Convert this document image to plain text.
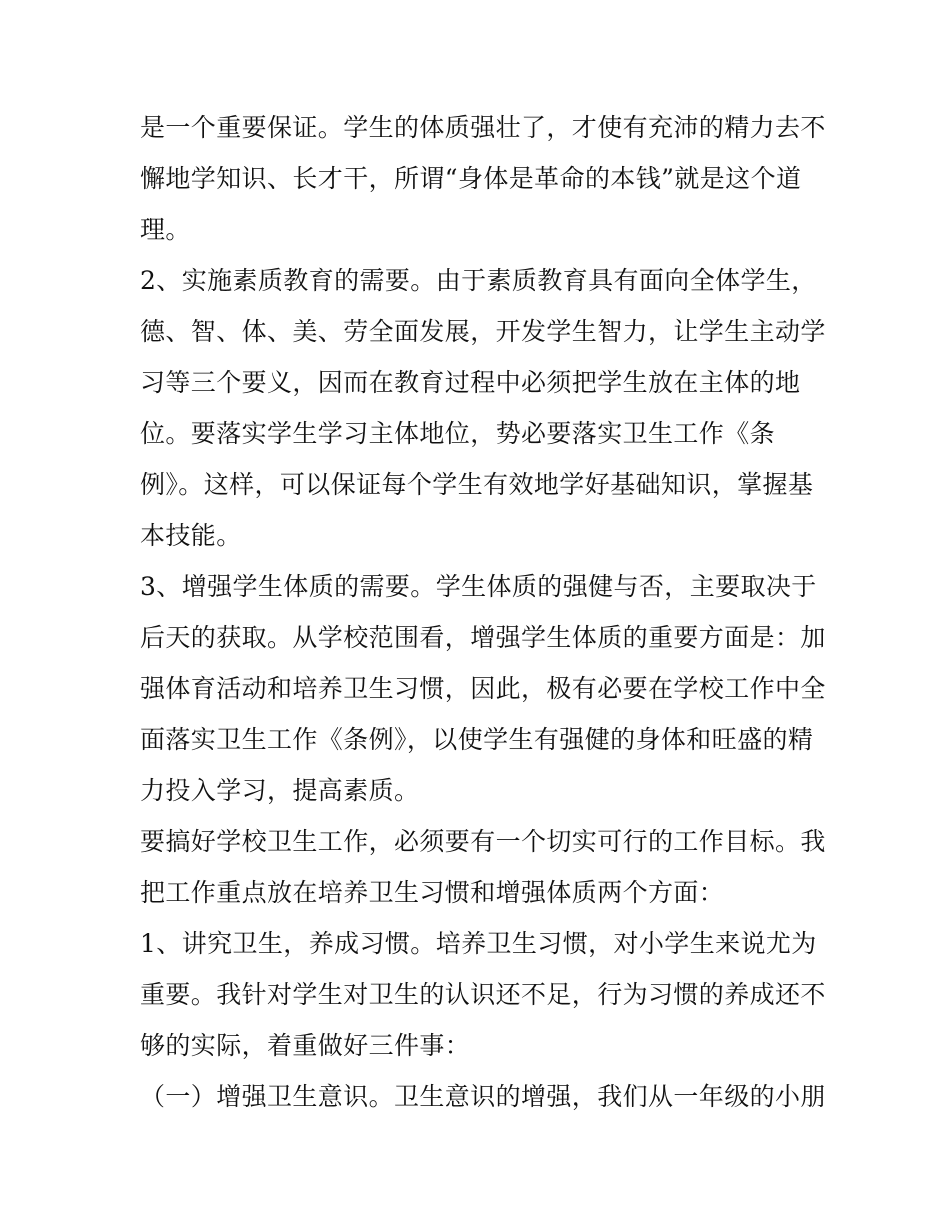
是一个重要保证。学生的体质强壮了，才使有充沛的精力去不
懈地学知识、长才干，所谓“身体是革命的本钱”就是这个道
理。
2、实施素质教育的需要。由于素质教育具有面向全体学生，
德、智、体、美、劳全面发展，开发学生智力，让学生主动学
习等三个要义，因而在教育过程中必须把学生放在主体的地
位。要落实学生学习主体地位，势必要落实卫生工作《条
例》。这样，可以保证每个学生有效地学好基础知识，掌握基
本技能。
3、增强学生体质的需要。学生体质的强健与否，主要取决于
后天的获取。从学校范围看，增强学生体质的重要方面是：加
强体育活动和培养卫生习惯，因此，极有必要在学校工作中全
面落实卫生工作《条例》，以使学生有强健的身体和旺盛的精
力投入学习，提高素质。
要搞好学校卫生工作，必须要有一个切实可行的工作目标。我
把工作重点放在培养卫生习惯和增强体质两个方面：
1、讲究卫生，养成习惯。培养卫生习惯，对小学生来说尤为
重要。我针对学生对卫生的认识还不足，行为习惯的养成还不
够的实际，着重做好三件事：
（一）增强卫生意识。卫生意识的增强，我们从一年级的小朋
